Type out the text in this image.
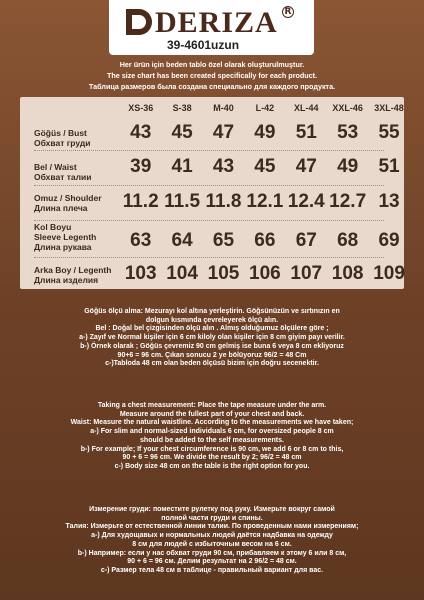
DERIZA R
39-4601uzun
Her ürün için beden tablo özel olarak oluşturulmuştur.
The size chart has been created specifically for each product.
Таблица размеров была создана специально для каждого продукта.
XS-36	S-38	M-40	L-42	XL-44	XXL-46	3XL-48
Göğüs / Bust
Обхват груди	43	45	47	49	51	53	55
Bel / Waist
Обхват талии	39	41	43	45	47	49	51
Omuz / Shoulder
Длина плеча	11.2 11.5 11.8 12.1 12.4 12.7 13
Kol Boyu
Sleeve Legenth
Длина рукава	63	64	65	66	67	68	69
Arka Boy / Legenth
Длина изделия	103 104 105 106 107 108 109
Göğüs ölçü alma: Mezurayı kol altına yerleştirin. Göğsünüzün ve sırtınızın en
dolgun kısmında çevreleyerek ölçü alın.
Bel : Doğal bel çizgisinden ölçü alın . Almış olduğumuz ölçülere göre ;
a-) Zayıf ve Normal kişiler için 6 cm kiloly olan kişiler için 8 cm giyim payı verilir.
b-) Örnek olarak ; Göğüs çevremiz 90 cm gelmiş ise buna 6 veya 8 cm ekliyoruz
90+6 = 96 cm. Çıkan sonucu 2 ye bölüyoruz 96/2 = 48 Cm
c-)Tabloda 48 cm olan beden ölçüsü bizim için doğru secenektir.
Taking a chest measurement: Place the tape measure under the arm.
Measure around the fullest part of your chest and back.
Waist: Measure the natural waistline. According to the measurements we have taken;
a-) For slim and normal-sized individuals 6 cm, for oversized people 8 cm
should be added to the self measurements.
b-) For example; If your chest circumference is 90 cm, we add 6 or 8 cm to this,
90 + 6 = 96 cm. We divide the result by 2; 96/2 = 48 cm
c-) Body size 48 cm on the table is the right option for you.
Измерение груди: поместите рулетку под руку. Измерьте вокруг самой
полной части груди и спины.
Талия: Измерьте от естественной линии талии. По проведенным нами измерениям;
а-) Для худощавых и нормальных людей даётся надбавка на одежду
8 см для людей с избыточным весом на 6 см.
b-) Например: если у нас обхват груди 90 см, прибавляем к этому 6 или 8 см,
90 + 6 = 96 см. Делим результат на 2 96/2 = 48 см.
c-) Размер тела 48 см в таблице - правильный вариант для вас.
